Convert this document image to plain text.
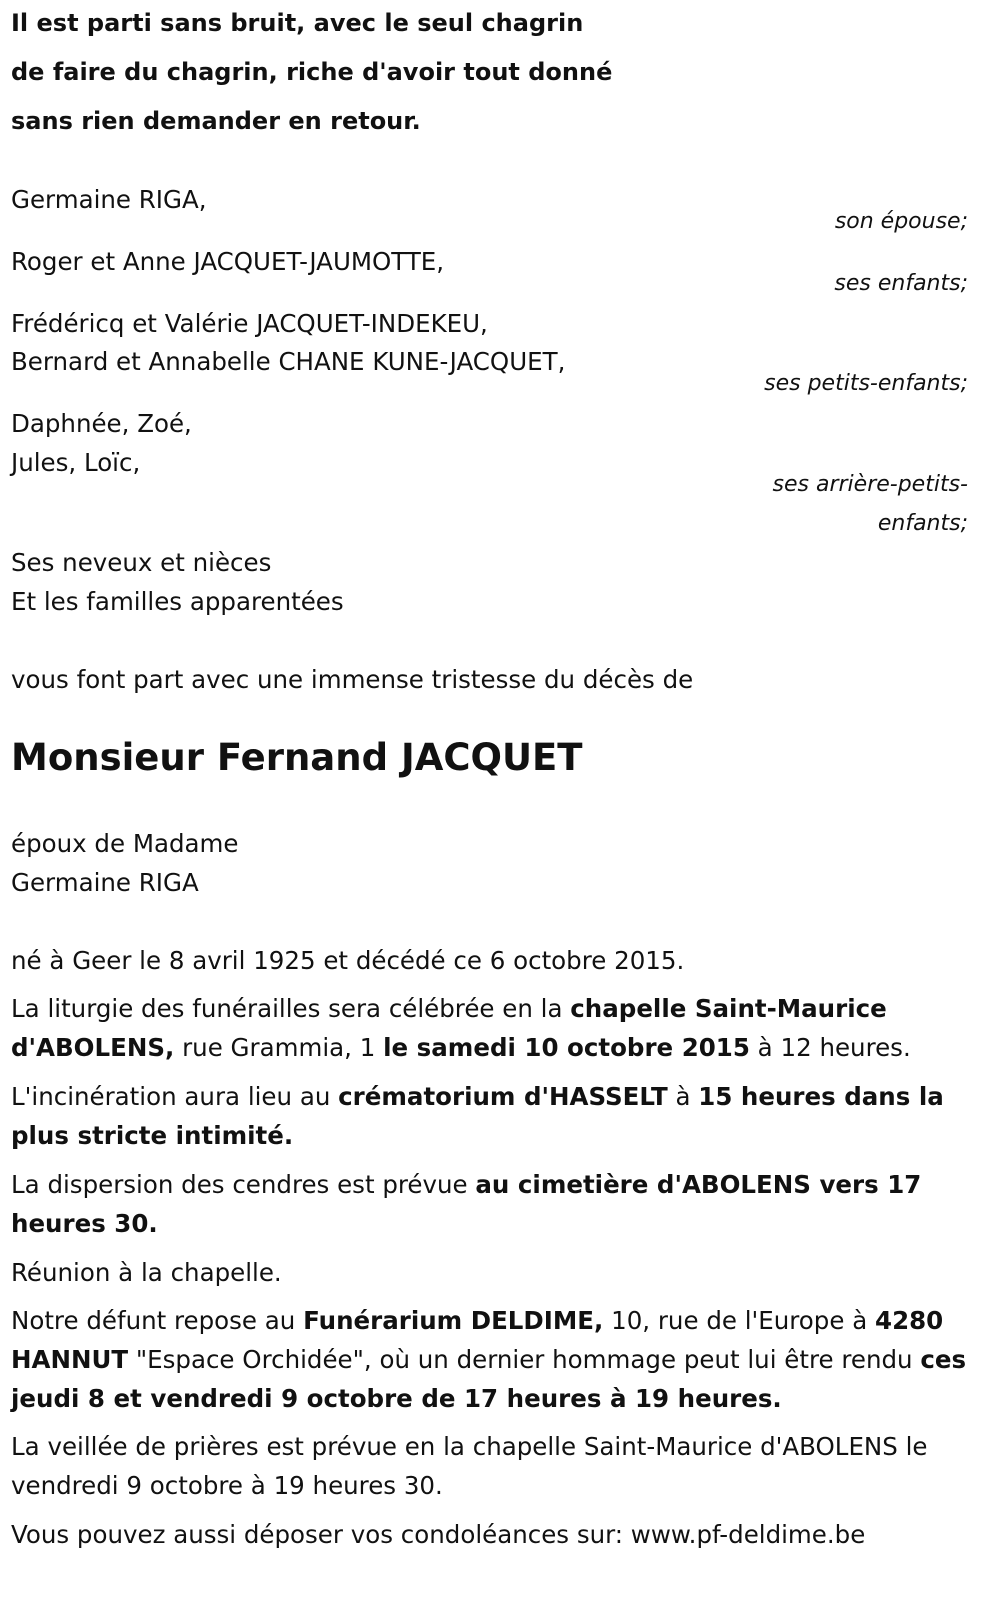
Il est parti sans bruit, avec le seul chagrin
de faire du chagrin, riche d'avoir tout donné
sans rien demander en retour.
Germaine RIGA,
son épouse;
Roger et Anne JACQUET-JAUMOTTE,
ses enfants;
Frédéricq et Valérie JACQUET-INDEKEU,
Bernard et Annabelle CHANE KUNE-JACQUET,
ses petits-enfants;
Daphnée, Zoé,
Jules, Loïc,
ses arrière-petits-
enfants;
Ses neveux et nièces
Et les familles apparentées
vous font part avec une immense tristesse du décès de
Monsieur Fernand JACQUET
époux de Madame
Germaine RIGA
né à Geer le 8 avril 1925 et décédé ce 6 octobre 2015.
La liturgie des funérailles sera célébrée en la chapelle Saint-Maurice d'ABOLENS, rue Grammia, 1 le samedi 10 octobre 2015 à 12 heures.
L'incinération aura lieu au crématorium d'HASSELT à 15 heures dans la plus stricte intimité.
La dispersion des cendres est prévue au cimetière d'ABOLENS vers 17 heures 30.
Réunion à la chapelle.
Notre défunt repose au Funérarium DELDIME, 10, rue de l'Europe à 4280 HANNUT "Espace Orchidée", où un dernier hommage peut lui être rendu ces jeudi 8 et vendredi 9 octobre de 17 heures à 19 heures.
La veillée de prières est prévue en la chapelle Saint-Maurice d'ABOLENS le vendredi 9 octobre à 19 heures 30.
Vous pouvez aussi déposer vos condoléances sur: www.pf-deldime.be
